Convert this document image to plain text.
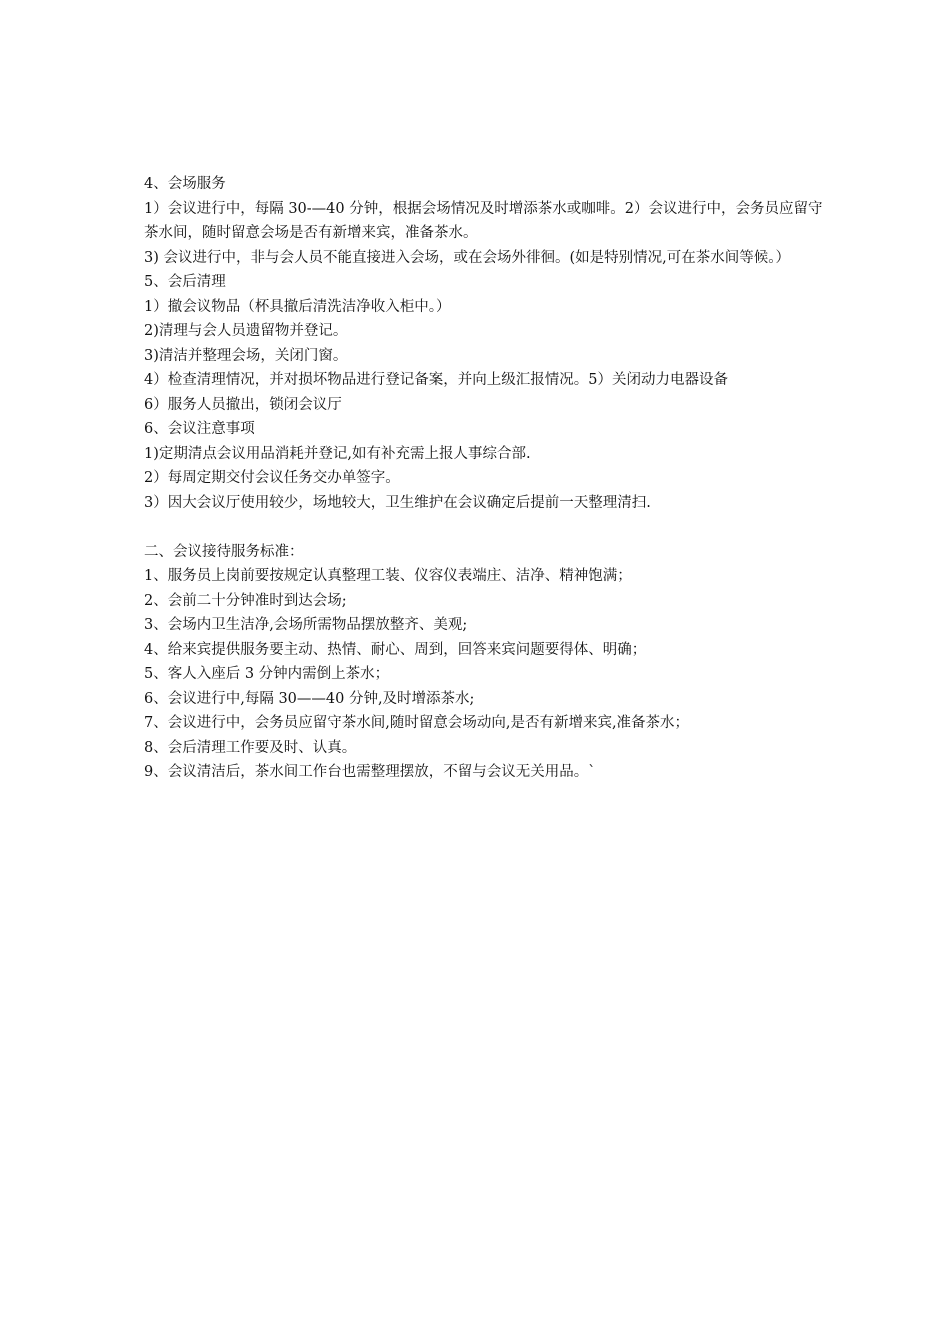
4、会场服务

1）会议进行中，每隔 30-—40 分钟，根据会场情况及时增添茶水或咖啡。2）会议进行中，会务员应留守茶水间，随时留意会场是否有新增来宾，准备茶水。

3) 会议进行中，非与会人员不能直接进入会场，或在会场外徘徊。(如是特别情况,可在茶水间等候。）

5、会后清理

1）撤会议物品（杯具撤后清洗洁净收入柜中。）

2)清理与会人员遗留物并登记。

3)清洁并整理会场，关闭门窗。

4）检查清理情况，并对损坏物品进行登记备案，并向上级汇报情况。5）关闭动力电器设备

6）服务人员撤出，锁闭会议厅

6、会议注意事项

1)定期清点会议用品消耗并登记,如有补充需上报人事综合部.

2）每周定期交付会议任务交办单签字。

3）因大会议厅使用较少，场地较大，卫生维护在会议确定后提前一天整理清扫.

二、会议接待服务标准：

1、服务员上岗前要按规定认真整理工装、仪容仪表端庄、洁净、精神饱满；

2、会前二十分钟准时到达会场;

3、会场内卫生洁净,会场所需物品摆放整齐、美观;

4、给来宾提供服务要主动、热情、耐心、周到，回答来宾问题要得体、明确；

5、客人入座后 3 分钟内需倒上茶水；

6、会议进行中,每隔 30——40 分钟,及时增添茶水;

7、会议进行中，会务员应留守茶水间,随时留意会场动向,是否有新增来宾,准备茶水；

8、会后清理工作要及时、认真。

9、会议清洁后，茶水间工作台也需整理摆放，不留与会议无关用品。`
